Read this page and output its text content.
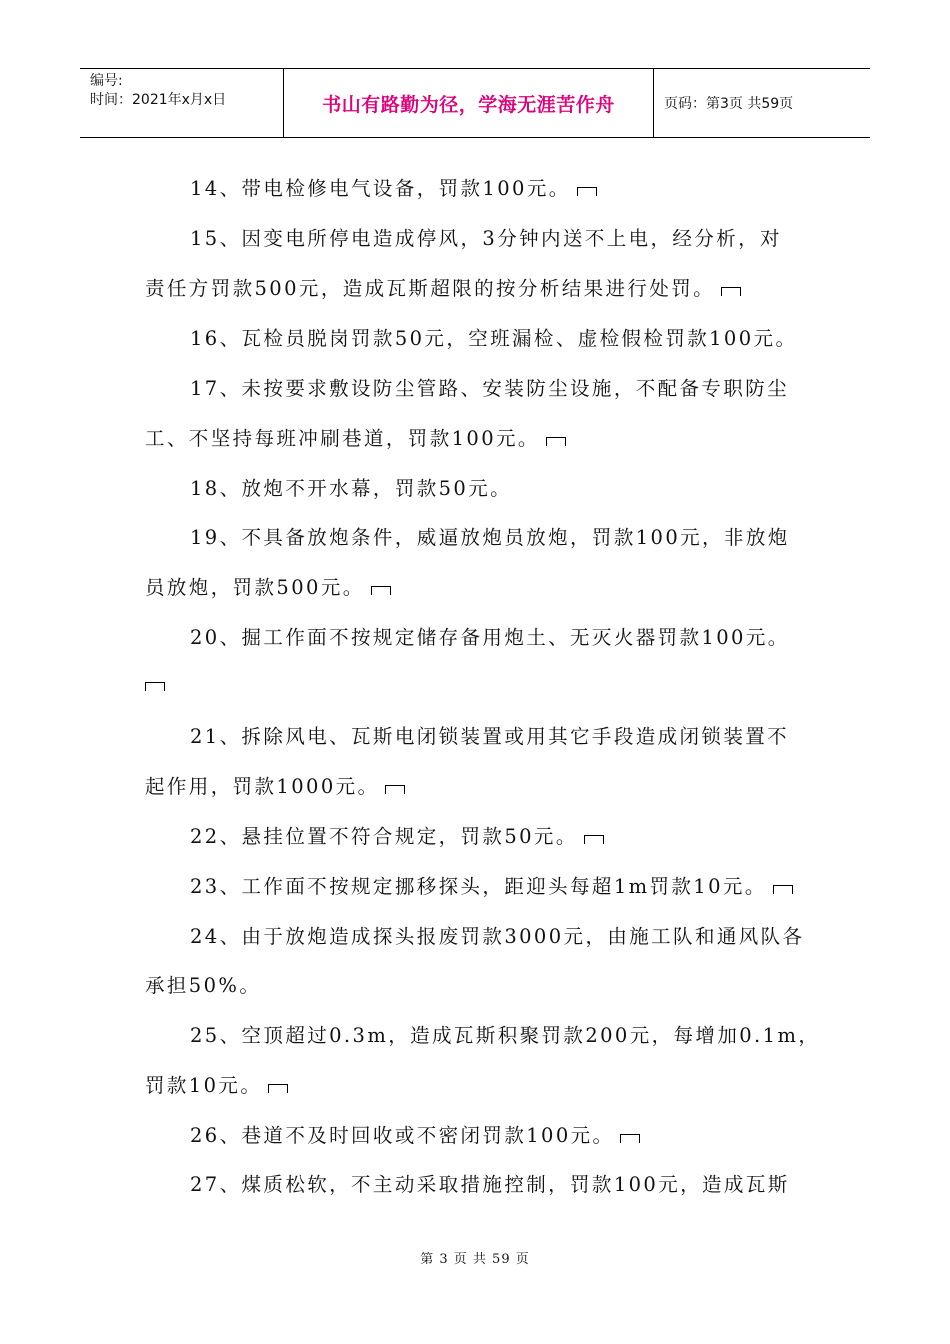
编号:
时间：2021年x月x日	书山有路勤为径，学海无涯苦作舟	页码：第3页 共59页
14、带电检修电气设备，罚款100元。
15、因变电所停电造成停风，3分钟内送不上电，经分析，对
责任方罚款500元，造成瓦斯超限的按分析结果进行处罚。
16、瓦检员脱岗罚款50元，空班漏检、虚检假检罚款100元。
17、未按要求敷设防尘管路、安装防尘设施，不配备专职防尘
工、不坚持每班冲刷巷道，罚款100元。
18、放炮不开水幕，罚款50元。
19、不具备放炮条件，威逼放炮员放炮，罚款100元，非放炮
员放炮，罚款500元。
20、掘工作面不按规定储存备用炮土、无灭火器罚款100元。
21、拆除风电、瓦斯电闭锁装置或用其它手段造成闭锁装置不
起作用，罚款1000元。
22、悬挂位置不符合规定，罚款50元。
23、工作面不按规定挪移探头，距迎头每超1m罚款10元。
24、由于放炮造成探头报废罚款3000元，由施工队和通风队各
承担50%。
25、空顶超过0.3m，造成瓦斯积聚罚款200元，每增加0.1m，
罚款10元。
26、巷道不及时回收或不密闭罚款100元。
27、煤质松软，不主动采取措施控制，罚款100元，造成瓦斯
第 3 页 共 59 页
